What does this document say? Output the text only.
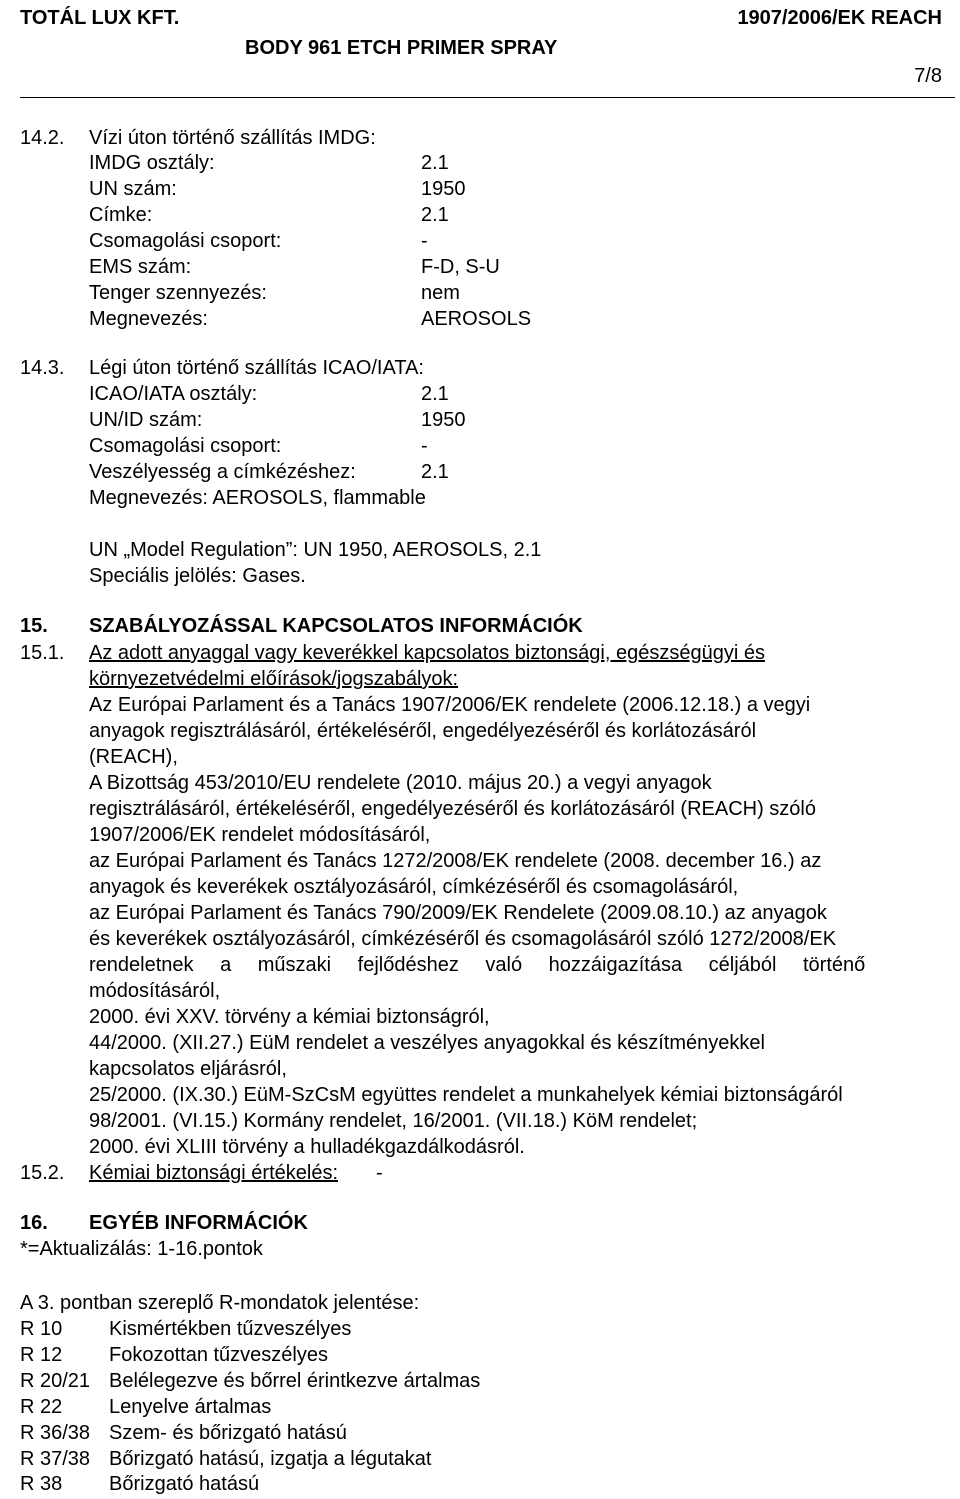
TOTÁL LUX KFT.	1907/2006/EK REACH
BODY 961 ETCH PRIMER SPRAY
7/8
14.2. Vízi úton történő szállítás IMDG:
IMDG osztály:	2.1
UN szám:	1950
Címke:	2.1
Csomagolási csoport:	-
EMS szám:	F-D, S-U
Tenger szennyezés:	nem
Megnevezés:	AEROSOLS
14.3. Légi úton történő szállítás ICAO/IATA:
ICAO/IATA osztály:	2.1
UN/ID szám:	1950
Csomagolási csoport:	-
Veszélyesség a címkézéshez:	2.1
Megnevezés: AEROSOLS, flammable
UN „Model Regulation”: UN 1950, AEROSOLS, 2.1
Speciális jelölés: Gases.
15. SZABÁLYOZÁSSAL KAPCSOLATOS INFORMÁCIÓK
15.1. Az adott anyaggal vagy keverékkel kapcsolatos biztonsági, egészségügyi és
környezetvédelmi előírások/jogszabályok:
Az Európai Parlament és a Tanács 1907/2006/EK rendelete (2006.12.18.) a vegyi
anyagok regisztrálásáról, értékeléséről, engedélyezéséről és korlátozásáról
(REACH),
A Bizottság 453/2010/EU rendelete (2010. május 20.) a vegyi anyagok
regisztrálásáról, értékeléséről, engedélyezéséről és korlátozásáról (REACH) szóló
1907/2006/EK rendelet módosításáról,
az Európai Parlament és Tanács 1272/2008/EK rendelete (2008. december 16.) az
anyagok és keverékek osztályozásáról, címkézéséről és csomagolásáról,
az Európai Parlament és Tanács 790/2009/EK Rendelete (2009.08.10.) az anyagok
és keverékek osztályozásáról, címkézéséről és csomagolásáról szóló 1272/2008/EK
rendeletnek a műszaki fejlődéshez való hozzáigazítása céljából történő
módosításáról,
2000. évi XXV. törvény a kémiai biztonságról,
44/2000. (XII.27.) EüM rendelet a veszélyes anyagokkal és készítményekkel
kapcsolatos eljárásról,
25/2000. (IX.30.) EüM-SzCsM együttes rendelet a munkahelyek kémiai biztonságáról
98/2001. (VI.15.) Kormány rendelet, 16/2001. (VII.18.) KöM rendelet;
2000. évi XLIII törvény a hulladékgazdálkodásról.
15.2. Kémiai biztonsági értékelés: -
16. EGYÉB INFORMÁCIÓK
*=Aktualizálás: 1-16.pontok
A 3. pontban szereplő R-mondatok jelentése:
R 10 Kismértékben tűzveszélyes
R 12 Fokozottan tűzveszélyes
R 20/21 Belélegezve és bőrrel érintkezve ártalmas
R 22 Lenyelve ártalmas
R 36/38 Szem- és bőrizgató hatású
R 37/38 Bőrizgató hatású, izgatja a légutakat
R 38 Bőrizgató hatású
